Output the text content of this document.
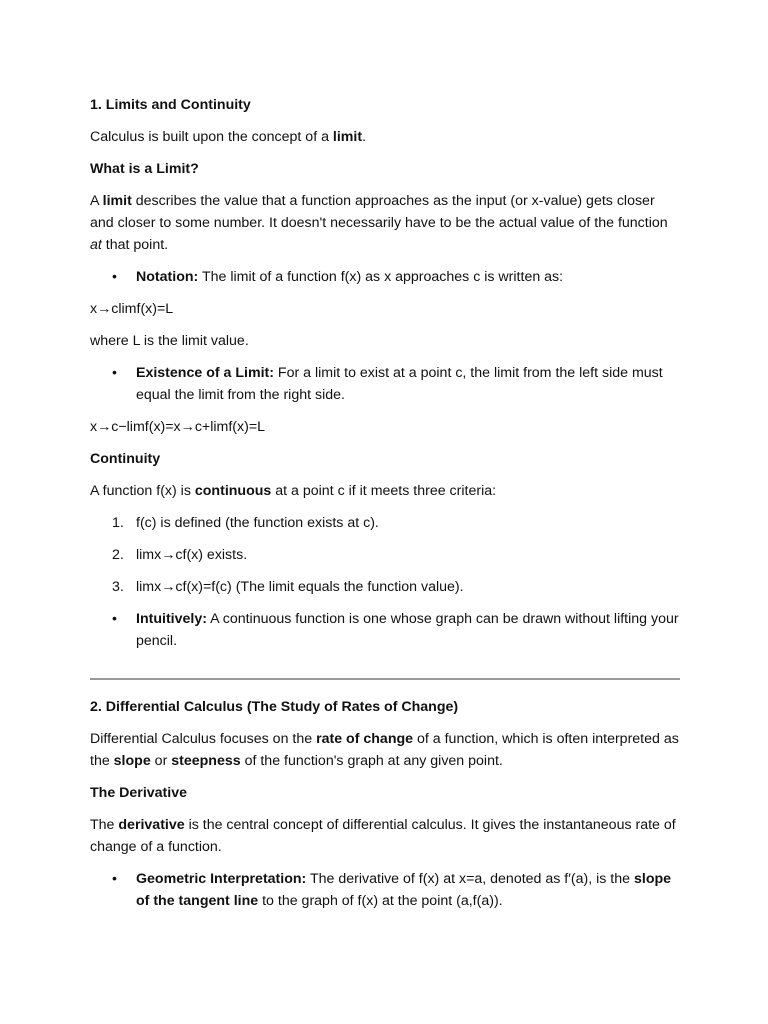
1. Limits and Continuity

Calculus is built upon the concept of a limit.

What is a Limit?

A limit describes the value that a function approaches as the input (or x-value) gets closer and closer to some number. It doesn't necessarily have to be the actual value of the function at that point.

•	Notation: The limit of a function f(x) as x approaches c is written as:

x→climf(x)=L

where L is the limit value.

•	Existence of a Limit: For a limit to exist at a point c, the limit from the left side must equal the limit from the right side.

x→c−limf(x)=x→c+limf(x)=L

Continuity

A function f(x) is continuous at a point c if it meets three criteria:

1. f(c) is defined (the function exists at c).
2. limx→cf(x) exists.
3. limx→cf(x)=f(c) (The limit equals the function value).
•	Intuitively: A continuous function is one whose graph can be drawn without lifting your pencil.

2. Differential Calculus (The Study of Rates of Change)

Differential Calculus focuses on the rate of change of a function, which is often interpreted as the slope or steepness of the function's graph at any given point.

The Derivative

The derivative is the central concept of differential calculus. It gives the instantaneous rate of change of a function.

•	Geometric Interpretation: The derivative of f(x) at x=a, denoted as f′(a), is the slope of the tangent line to the graph of f(x) at the point (a,f(a)).
